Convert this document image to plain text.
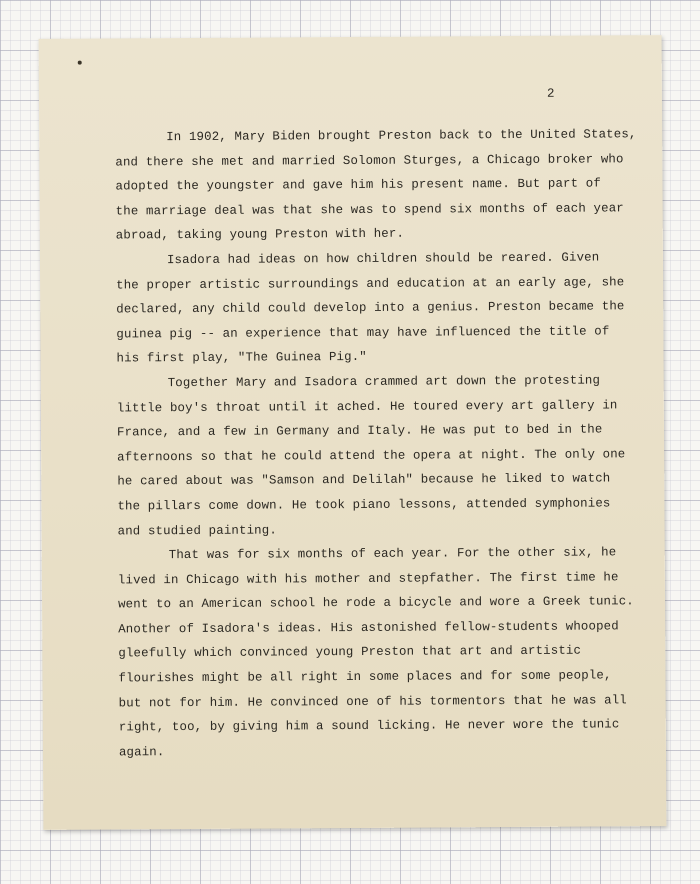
2
In 1902, Mary Biden brought Preston back to the United States,
and there she met and married Solomon Sturges, a Chicago broker who
adopted the youngster and gave him his present name. But part of
the marriage deal was that she was to spend six months of each year
abroad, taking young Preston with her.
Isadora had ideas on how children should be reared. Given
the proper artistic surroundings and education at an early age, she
declared, any child could develop into a genius. Preston became the
guinea pig -- an experience that may have influenced the title of
his first play, "The Guinea Pig."
Together Mary and Isadora crammed art down the protesting
little boy's throat until it ached. He toured every art gallery in
France, and a few in Germany and Italy. He was put to bed in the
afternoons so that he could attend the opera at night. The only one
he cared about was "Samson and Delilah" because he liked to watch
the pillars come down. He took piano lessons, attended symphonies
and studied painting.
That was for six months of each year. For the other six, he
lived in Chicago with his mother and stepfather. The first time he
went to an American school he rode a bicycle and wore a Greek tunic.
Another of Isadora's ideas. His astonished fellow-students whooped
gleefully which convinced young Preston that art and artistic
flourishes might be all right in some places and for some people,
but not for him. He convinced one of his tormentors that he was all
right, too, by giving him a sound licking. He never wore the tunic
again.
